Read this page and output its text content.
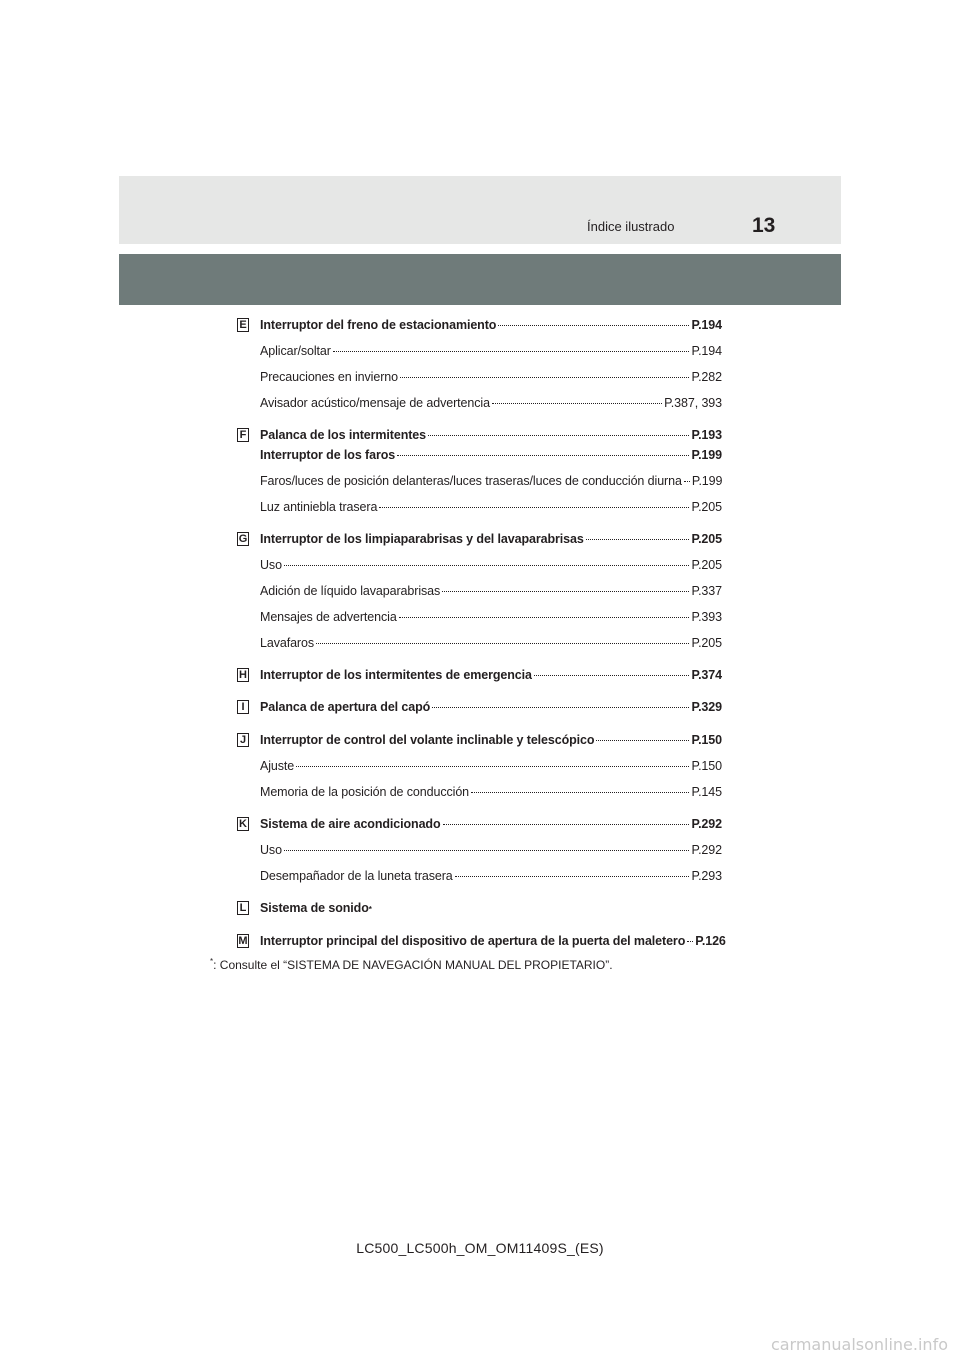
Índice ilustrado	13
E Interruptor del freno de estacionamiento	P.194
Aplicar/soltar	P.194
Precauciones en invierno	P.282
Avisador acústico/mensaje de advertencia	P.387, 393
F Palanca de los intermitentes	P.193
Interruptor de los faros	P.199
Faros/luces de posición delanteras/luces traseras/luces de conducción diurna P.199
Luz antiniebla trasera	P.205
G Interruptor de los limpiaparabrisas y del lavaparabrisas	P.205
Uso	P.205
Adición de líquido lavaparabrisas	P.337
Mensajes de advertencia	P.393
Lavafaros	P.205
H Interruptor de los intermitentes de emergencia	P.374
I	Palanca de apertura del capó	P.329
J Interruptor de control del volante inclinable y telescópico	P.150
Ajuste	P.150
Memoria de la posición de conducción	P.145
K Sistema de aire acondicionado	P.292
Uso	P.292
Desempañador de la luneta trasera	P.293
L Sistema de sonido *
M Interruptor principal del dispositivo de apertura de la puerta del maletero P.126
*: Consulte el “SISTEMA DE NAVEGACIÓN MANUAL DEL PROPIETARIO”.
LC500_LC500h_OM_OM11409S_(ES)
carmanualsonline.info
